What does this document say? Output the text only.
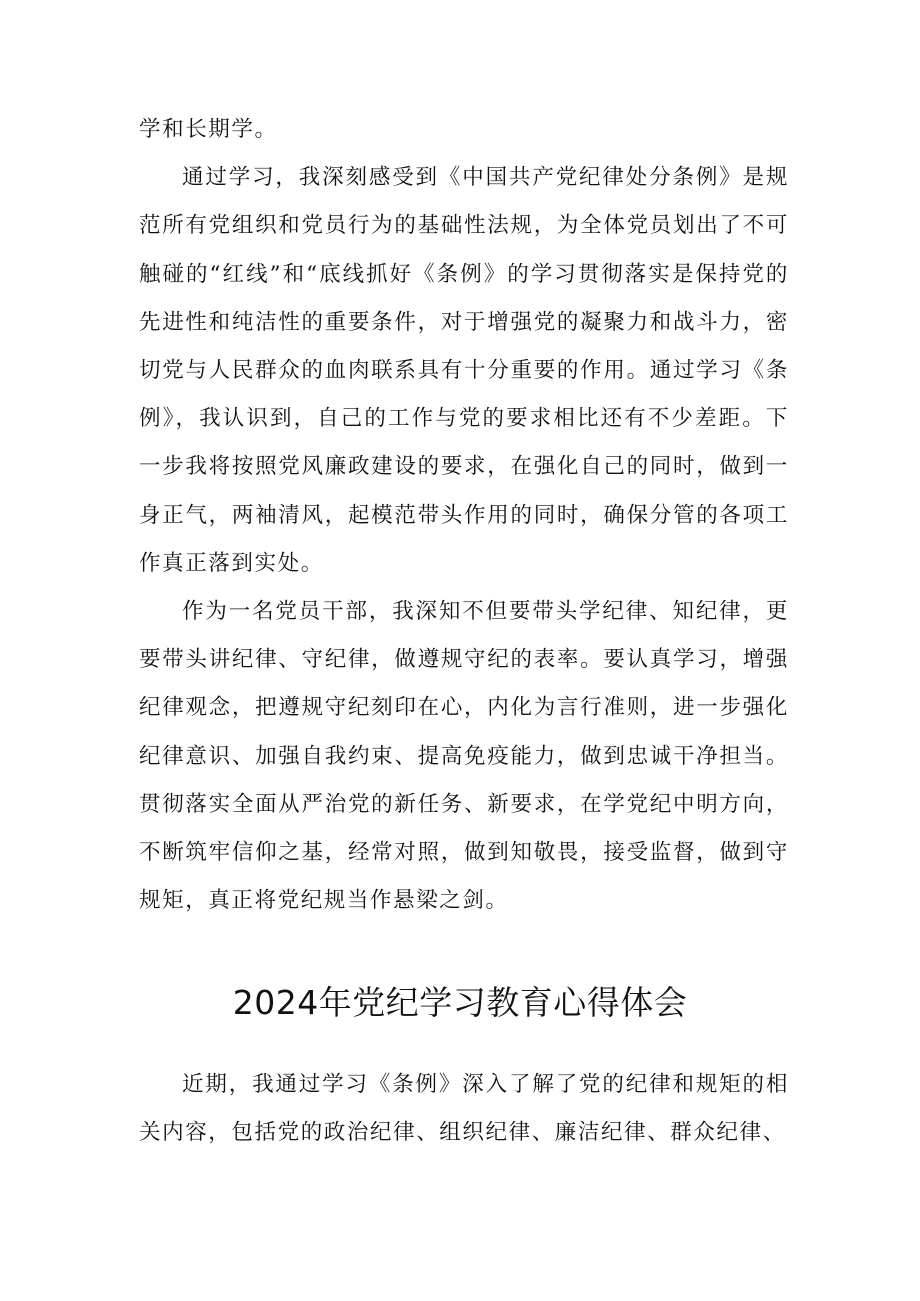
学和长期学。

通过学习，我深刻感受到《中国共产党纪律处分条例》是规范所有党组织和党员行为的基础性法规，为全体党员划出了不可触碰的“红线”和“底线抓好《条例》的学习贯彻落实是保持党的先进性和纯洁性的重要条件，对于增强党的凝聚力和战斗力，密切党与人民群众的血肉联系具有十分重要的作用。通过学习《条例》，我认识到，自己的工作与党的要求相比还有不少差距。下一步我将按照党风廉政建设的要求，在强化自己的同时，做到一身正气，两袖清风，起模范带头作用的同时，确保分管的各项工作真正落到实处。

作为一名党员干部，我深知不但要带头学纪律、知纪律，更要带头讲纪律、守纪律，做遵规守纪的表率。要认真学习，增强纪律观念，把遵规守纪刻印在心，内化为言行准则，进一步强化纪律意识、加强自我约束、提高免疫能力，做到忠诚干净担当。贯彻落实全面从严治党的新任务、新要求，在学党纪中明方向，不断筑牢信仰之基，经常对照，做到知敬畏，接受监督，做到守规矩，真正将党纪规当作悬梁之剑。

2024年党纪学习教育心得体会

近期，我通过学习《条例》深入了解了党的纪律和规矩的相关内容，包括党的政治纪律、组织纪律、廉洁纪律、群众纪律、
